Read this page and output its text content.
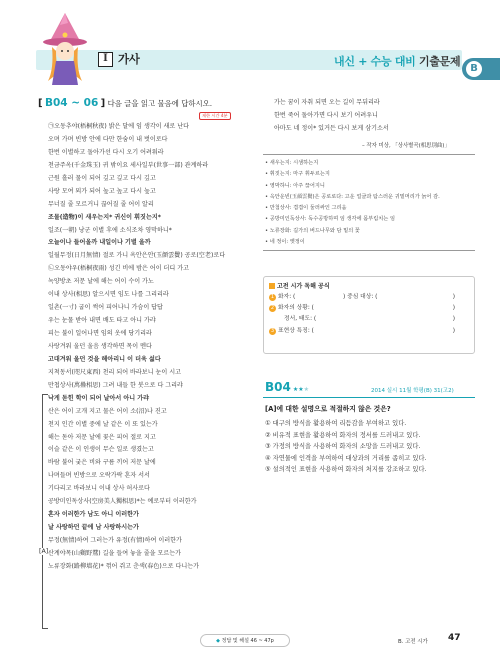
Ⅰ 가사	내신 + 수능 대비 기출문제
B
[ B04 ~ 06 ] 다음 글을 읽고 물음에 답하시오.
제한 시간 4분
㉠오동추야(梧桐秋夜) 밝은 달에 임 생각이 새로 난다
오며 가며 빈방 안에 다만 한숨이 내 벗이로다
한번 이별하고 돌아가선 다시 오기 어려워라
천금주옥(千金珠玉) 귀 밖이요 세사일부(世事一部) 관계하라
근원 흘러 물이 되어 깊고 깊고 다시 깊고
사랑 모여 뫼가 되어 높고 높고 다시 높고
무너질 줄 모르거니 끊어질 줄 어이 알리
조물(造物)이 새우는지* 귀신이 휘짓는지*
일조(一朝) 낭군 이별 후에 소식조차 영막하니*
오늘이나 들어올까 내일이나 기별 올까
일월무정(日月無情) 절로 가니 옥안은안(玉顔雲鬢) 공로(空老)로다
㉡오동야우(梧桐夜雨) 성긴 비에 밤은 어이 더디 가고
녹양방초 저문 날에 해는 어이 수이 가노
이내 상사(相思) 알으시면 임도 나를 그리리라
일촌(一寸) 굽이 썩어 피어나니 가슴이 답답
우는 눈물 받아 내면 배도 타고 아니 가랴
피는 불이 일어나면 임의 옷에 당기리라
사랑겨워 울던 울음 생각하면 목이 멘다
고대겨워 울던 것을 헤아리니 이 더욱 섧다
지척동서(咫尺東西) 천리 되어 바라보니 눈이 시고
만첩상사(萬疊相思) 그려 내들 한 붓으로 다 그리랴
낙게 돋힌 학이 되어 날아서 아니 가랴
산은 어이 고개 지고 물은 어이 소(沼)나 진고
천지 인간 이별 중에 날 같은 이 또 있는가
해는 돋아 저문 날에 꽃은 피어 절로 지고
이슬 같은 이 인생이 무슨 일로 생겼는고
바람 불어 궂은 비와 구름 끼어 저문 날에
나며들며 빈방으로 오락가락 혼자 서서
기다리고 바라보니 이내 상사 허사로다
공방미인독상사(空房美人獨相思)*는 예로부터 이러한가
혼자 이러한가 남도 아니 이러한가
날 사랑하던 끝에 남 사랑하시는가
무정(無情)하여 그러는가 유정(有情)하여 이러한가
산계야목(山鷄野鶩) 길을 들여 놓을 줄을 모르는가
노류장화(路柳墻花)* 꺾어 쥐고 춘색(春色)으로 다니는가
[A]
가는 꿈이 자취 되면 오는 길이 무뒤리라
한번 죽어 돌아가면 다시 보기 어려우니
아마도 네 정이* 있거든 다시 보게 삼기소서
– 작자 미상, 「상사별곡(相思別曲)」
• 새우는지: 시샘하는지
• 휘짓는지: 마구 휘두르는지
• 영막하니: 아주 끊어지니
• 옥안운빈(玉顔雲鬢)은 공로로다: 고운 얼굴과 탐스러운 귀밑머리가 늙어 감.
• 만첩상사: 겹겹이 둘러싸인 그리움
• 공방미인독상사: 독수공방하며 임 생각에 몸부림치는 임
• 노류장화: 길가의 버드나무와 담 밑의 꽃
• 네 정이: 옛정이
고전 시가 독해 공식
1 화자: (	) 중심 대상: (	)
2 화자의 상황: (	)
정서, 태도: (	)
3 표현상 특징: (	)
B04 ★★★	2014 실시 11월 학평(B) 31(고2)
[A]에 대한 설명으로 적절하지 않은 것은?
① 대구의 방식을 활용하여 리듬감을 부여하고 있다.
② 비유적 표현을 활용하여 화자의 정서를 드러내고 있다.
③ 가정의 방식을 사용하여 화자의 소망을 드러내고 있다.
④ 자연물에 인격을 부여하여 대상과의 거리를 좁히고 있다.
⑤ 설의적인 표현을 사용하여 화자의 처지를 강조하고 있다.
◆ 정답 및 해설 46 ~ 47p	B. 고전 시가 47
